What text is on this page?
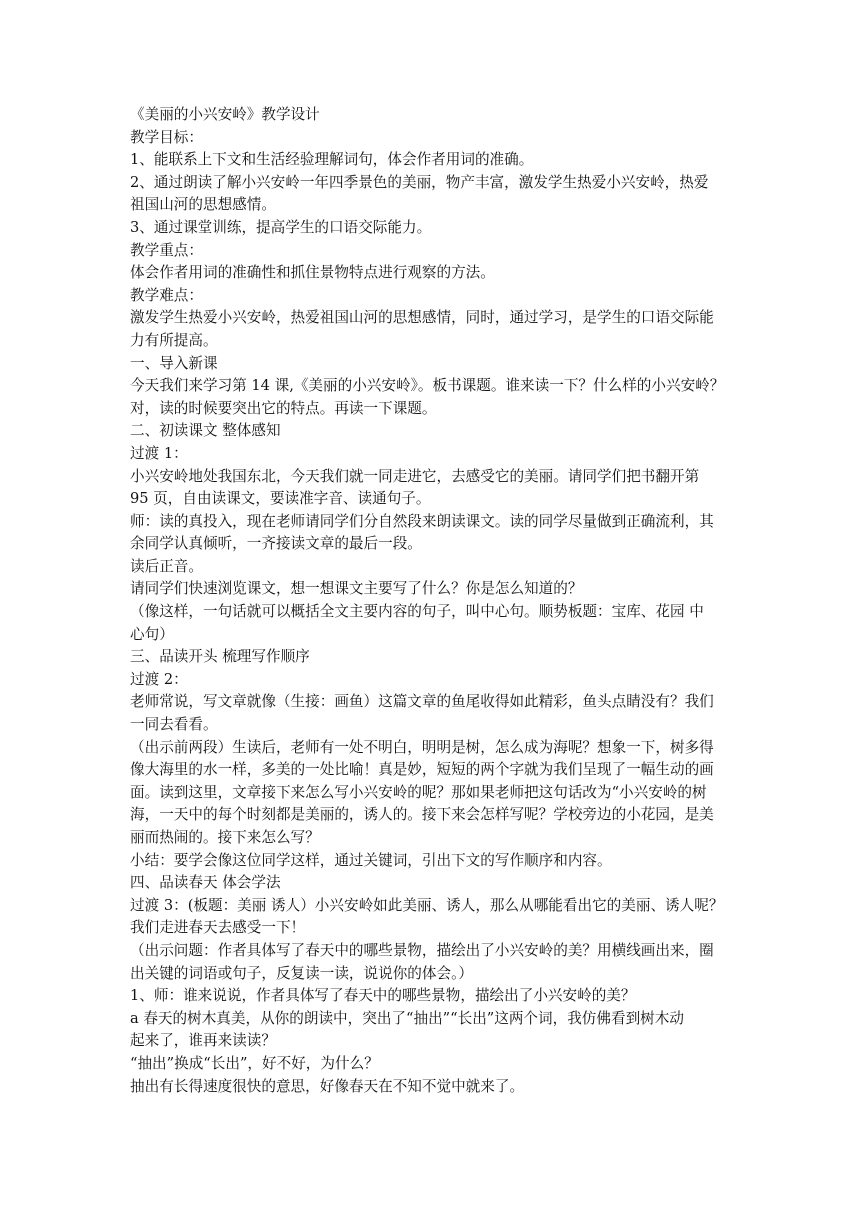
《美丽的小兴安岭》教学设计
教学目标：
1、能联系上下文和生活经验理解词句，体会作者用词的准确。
2、通过朗读了解小兴安岭一年四季景色的美丽，物产丰富，激发学生热爱小兴安岭，热爱
祖国山河的思想感情。
3、通过课堂训练，提高学生的口语交际能力。
教学重点：
体会作者用词的准确性和抓住景物特点进行观察的方法。
教学难点：
激发学生热爱小兴安岭，热爱祖国山河的思想感情，同时，通过学习，是学生的口语交际能
力有所提高。
一、导入新课
今天我们来学习第 14 课,《美丽的小兴安岭》。板书课题。谁来读一下？什么样的小兴安岭？
对，读的时候要突出它的特点。再读一下课题。
二、初读课文 整体感知
过渡 1：
小兴安岭地处我国东北，今天我们就一同走进它，去感受它的美丽。请同学们把书翻开第
95 页，自由读课文，要读准字音、读通句子。
师：读的真投入，现在老师请同学们分自然段来朗读课文。读的同学尽量做到正确流利，其
余同学认真倾听，一齐接读文章的最后一段。
读后正音。
请同学们快速浏览课文，想一想课文主要写了什么？你是怎么知道的？
（像这样，一句话就可以概括全文主要内容的句子，叫中心句。顺势板题：宝库、花园 中
心句）
三、品读开头 梳理写作顺序
过渡 2：
老师常说，写文章就像（生接：画鱼）这篇文章的鱼尾收得如此精彩，鱼头点睛没有？我们
一同去看看。
（出示前两段）生读后，老师有一处不明白，明明是树，怎么成为海呢？想象一下，树多得
像大海里的水一样，多美的一处比喻！真是妙，短短的两个字就为我们呈现了一幅生动的画
面。读到这里，文章接下来怎么写小兴安岭的呢？那如果老师把这句话改为“小兴安岭的树
海，一天中的每个时刻都是美丽的，诱人的。接下来会怎样写呢？学校旁边的小花园，是美
丽而热闹的。接下来怎么写？
小结：要学会像这位同学这样，通过关键词，引出下文的写作顺序和内容。
四、品读春天 体会学法
过渡 3：(板题：美丽 诱人）小兴安岭如此美丽、诱人，那么从哪能看出它的美丽、诱人呢？
我们走进春天去感受一下！
（出示问题：作者具体写了春天中的哪些景物，描绘出了小兴安岭的美？用横线画出来，圈
出关键的词语或句子，反复读一读，说说你的体会。）
1、师：谁来说说，作者具体写了春天中的哪些景物，描绘出了小兴安岭的美？
a 春天的树木真美，从你的朗读中，突出了“抽出”“长出”这两个词，我仿佛看到树木动
起来了，谁再来读读？
“抽出”换成“长出”，好不好，为什么？
抽出有长得速度很快的意思，好像春天在不知不觉中就来了。
